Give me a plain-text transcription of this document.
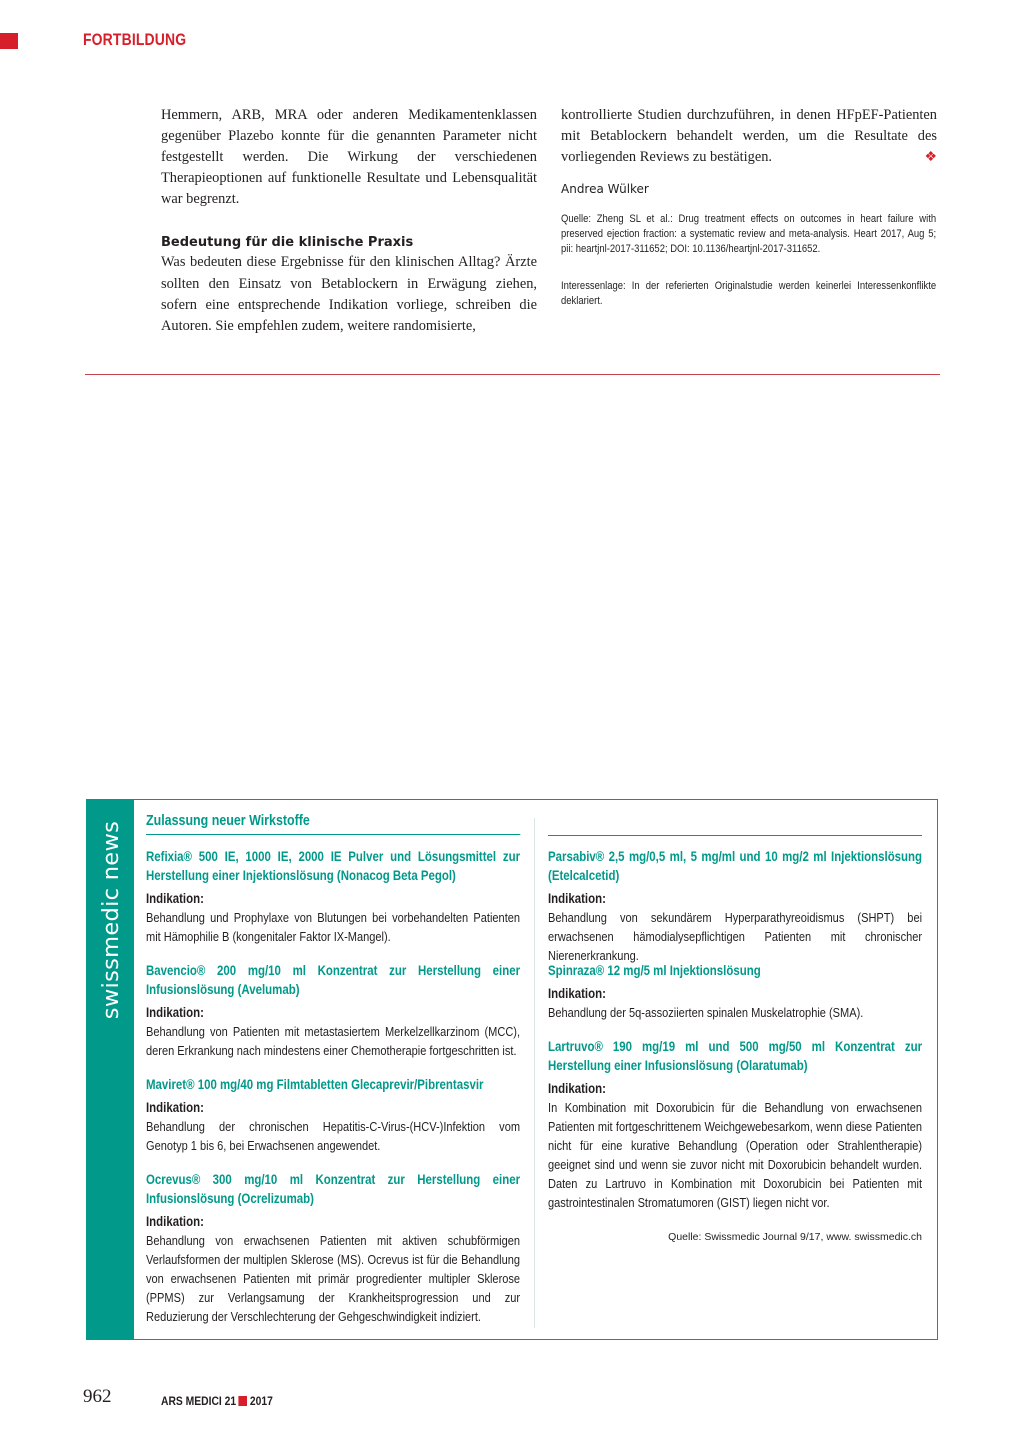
FORTBILDUNG

Hemmern, ARB, MRA oder anderen Medikamentenklassen gegenüber Plazebo konnte für die genannten Parameter nicht festgestellt werden. Die Wirkung der verschiedenen Therapieoptionen auf funktionelle Resultate und Lebensqualität war begrenzt.

Bedeutung für die klinische Praxis

Was bedeuten diese Ergebnisse für den klinischen Alltag? Ärzte sollten den Einsatz von Betablockern in Erwägung ziehen, sofern eine entsprechende Indikation vorliege, schreiben die Autoren. Sie empfehlen zudem, weitere randomisierte,

kontrollierte Studien durchzuführen, in denen HFpEF-Patienten mit Betablockern behandelt werden, um die Resultate des vorliegenden Reviews zu bestätigen.	❖

Andrea Wülker

Quelle: Zheng SL et al.: Drug treatment effects on outcomes in heart failure with preserved ejection fraction: a systematic review and meta-analysis. Heart 2017, Aug 5; pii: heartjnl-2017-311652; DOI: 10.1136/heartjnl-2017-311652.

Interessenlage: In der referierten Originalstudie werden keinerlei Interessenkonflikte deklariert.

swissmedic news
Zulassung neuer Wirkstoffe
Refixia® 500 IE, 1000 IE, 2000 IE Pulver und Lösungsmittel zur Herstellung einer Injektionslösung (Nonacog Beta Pegol)
Indikation:
Behandlung und Prophylaxe von Blutungen bei vorbehandelten Patienten mit Hämophilie B (kongenitaler Faktor IX-Mangel).
Bavencio® 200 mg/10 ml Konzentrat zur Herstellung einer Infusionslösung (Avelumab)
Indikation:
Behandlung von Patienten mit metastasiertem Merkelzellkarzinom (MCC), deren Erkrankung nach mindestens einer Chemotherapie fortgeschritten ist.
Maviret® 100 mg/40 mg Filmtabletten Glecaprevir/Pibrentasvir
Indikation:
Behandlung der chronischen Hepatitis-C-Virus-(HCV-)Infektion vom Genotyp 1 bis 6, bei Erwachsenen angewendet.
Ocrevus® 300 mg/10 ml Konzentrat zur Herstellung einer Infusionslösung (Ocrelizumab)
Indikation:
Behandlung von erwachsenen Patienten mit aktiven schubförmigen Verlaufsformen der multiplen Sklerose (MS). Ocrevus ist für die Behandlung von erwachsenen Patienten mit primär progredienter multipler Sklerose (PPMS) zur Verlangsamung der Krankheitsprogression und zur Reduzierung der Verschlechterung der Gehgeschwindigkeit indiziert.
Parsabiv® 2,5 mg/0,5 ml, 5 mg/ml und 10 mg/2 ml Injektionslösung (Etelcalcetid)
Indikation:
Behandlung von sekundärem Hyperparathyreoidismus (SHPT) bei erwachsenen hämodialysepflichtigen Patienten mit chronischer Nierenerkrankung.
Spinraza® 12 mg/5 ml Injektionslösung
Indikation:
Behandlung der 5q-assoziierten spinalen Muskelatrophie (SMA).
Lartruvo® 190 mg/19 ml und 500 mg/50 ml Konzentrat zur Herstellung einer Infusionslösung (Olaratumab)
Indikation:
In Kombination mit Doxorubicin für die Behandlung von erwachsenen Patienten mit fortgeschrittenem Weichgewebesarkom, wenn diese Patienten nicht für eine kurative Behandlung (Operation oder Strahlentherapie) geeignet sind und wenn sie zuvor nicht mit Doxorubicin behandelt wurden. Daten zu Lartruvo in Kombination mit Doxorubicin bei Patienten mit gastrointestinalen Stromatumoren (GIST) liegen nicht vor.
Quelle: Swissmedic Journal 9/17, www. swissmedic.ch
962	ARS MEDICI 21 2017
